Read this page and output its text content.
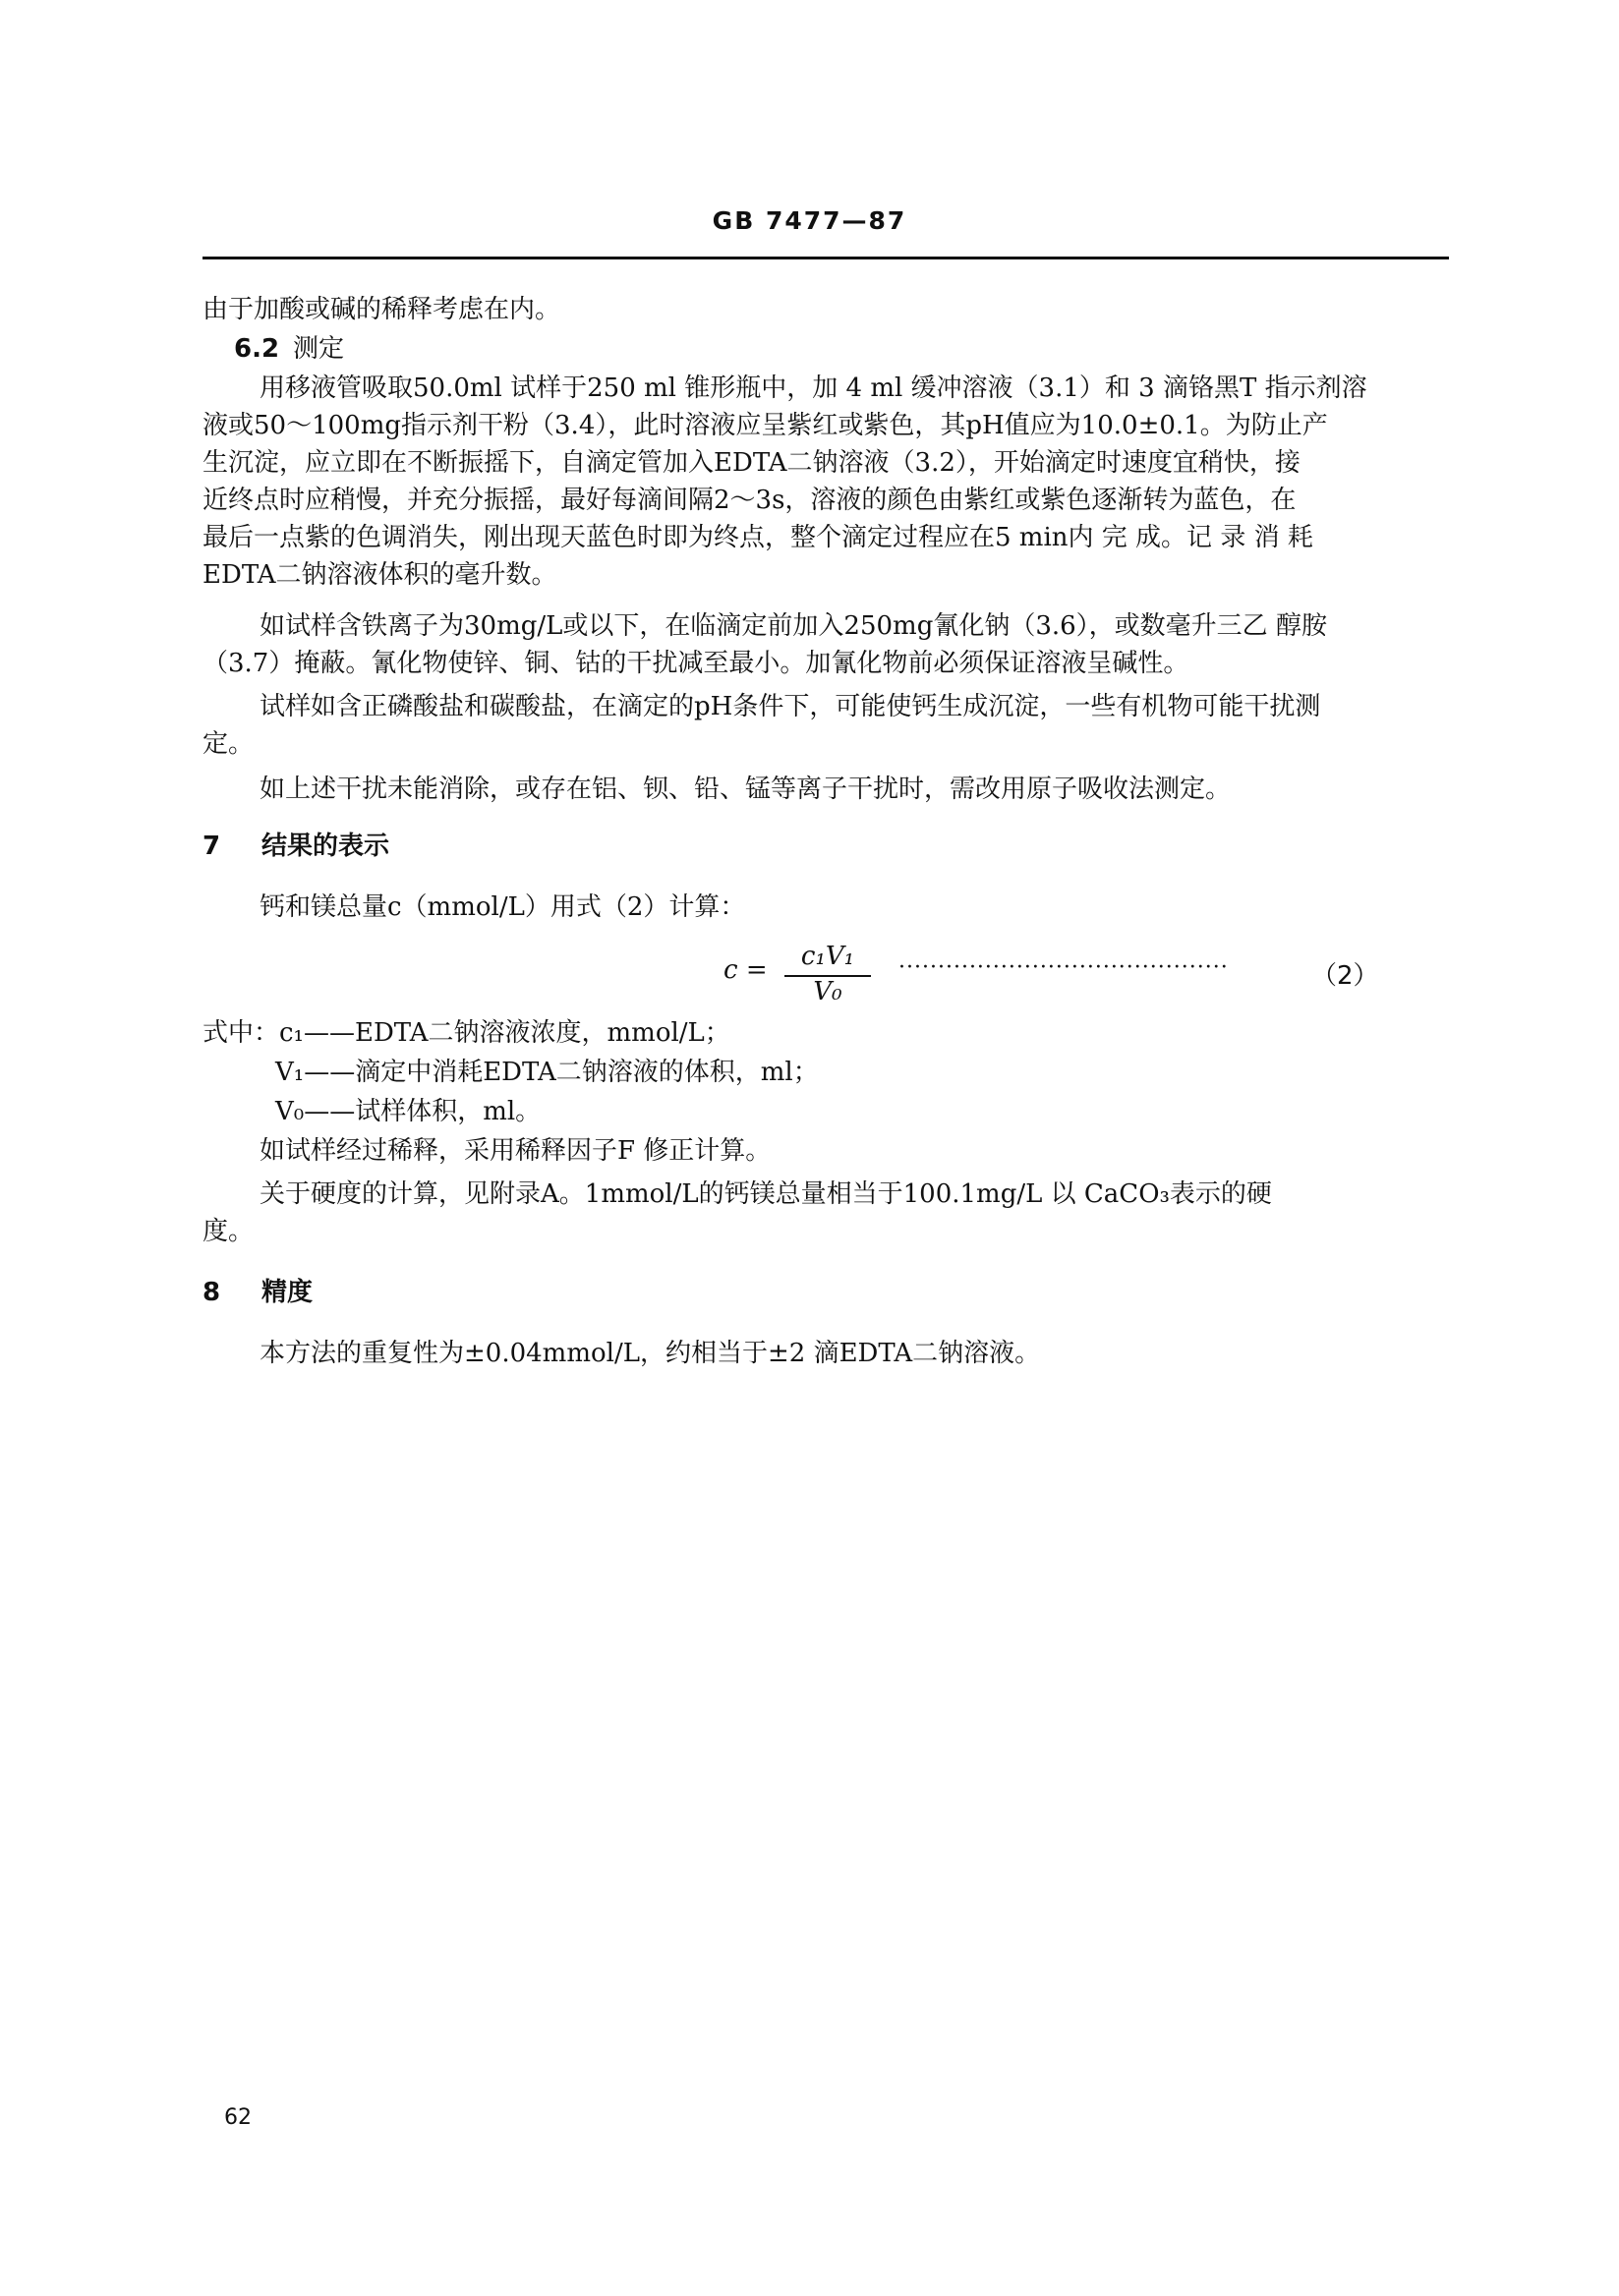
GB 7477—87
由于加酸或碱的稀释考虑在内。
6.2 测定
用移液管吸取50.0ml 试样于250 ml 锥形瓶中，加 4 ml 缓冲溶液（3.1）和 3 滴铬黑T 指示剂溶
液或50～100mg指示剂干粉（3.4），此时溶液应呈紫红或紫色，其pH值应为10.0±0.1。为防止产
生沉淀，应立即在不断振摇下，自滴定管加入EDTA二钠溶液（3.2），开始滴定时速度宜稍快，接
近终点时应稍慢，并充分振摇，最好每滴间隔2～3s，溶液的颜色由紫红或紫色逐渐转为蓝色，在
最后一点紫的色调消失，刚出现天蓝色时即为终点，整个滴定过程应在5 min内 完 成。记 录 消 耗
EDTA二钠溶液体积的毫升数。
如试样含铁离子为30mg/L或以下，在临滴定前加入250mg氰化钠（3.6），或数毫升三乙 醇胺
（3.7）掩蔽。氰化物使锌、铜、钴的干扰减至最小。加氰化物前必须保证溶液呈碱性。
试样如含正磷酸盐和碳酸盐，在滴定的pH条件下，可能使钙生成沉淀，一些有机物可能干扰测
定。
如上述干扰未能消除，或存在铝、钡、铅、锰等离子干扰时，需改用原子吸收法测定。
7 结果的表示
钙和镁总量c（mmol/L）用式（2）计算：
c =	c₁V₁
V₀
··········································	（2）
式中：c₁——EDTA二钠溶液浓度，mmol/L；
V₁——滴定中消耗EDTA二钠溶液的体积，ml；
V₀——试样体积，ml。
如试样经过稀释，采用稀释因子F 修正计算。
关于硬度的计算，见附录A。1mmol/L的钙镁总量相当于100.1mg/L 以 CaCO₃表示的硬
度。
8 精度
本方法的重复性为±0.04mmol/L，约相当于±2 滴EDTA二钠溶液。
62
